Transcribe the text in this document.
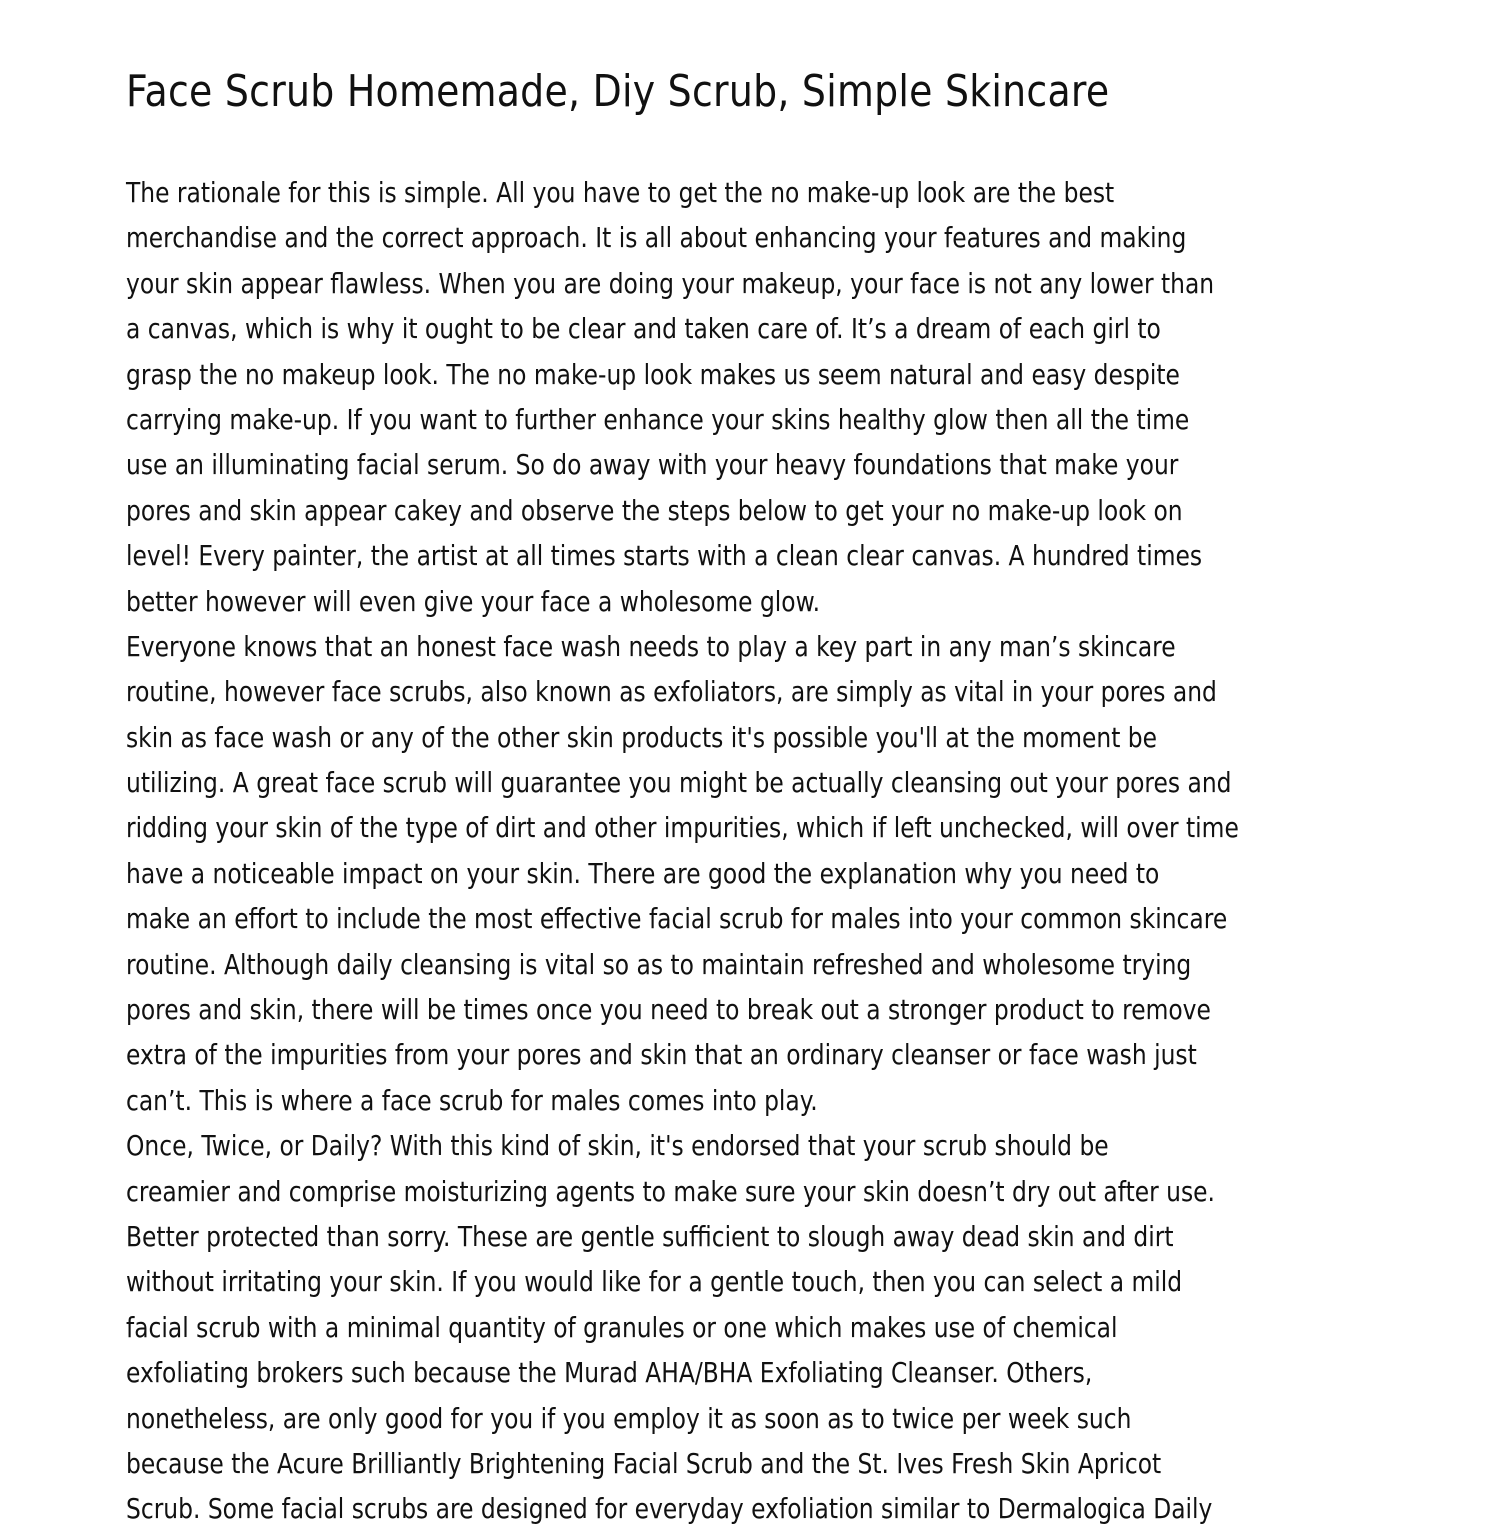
Face Scrub Homemade, Diy Scrub, Simple Skincare
The rationale for this is simple. All you have to get the no make-up look are the best
merchandise and the correct approach. It is all about enhancing your features and making
your skin appear flawless. When you are doing your makeup, your face is not any lower than
a canvas, which is why it ought to be clear and taken care of. It’s a dream of each girl to
grasp the no makeup look. The no make-up look makes us seem natural and easy despite
carrying make-up. If you want to further enhance your skins healthy glow then all the time
use an illuminating facial serum. So do away with your heavy foundations that make your
pores and skin appear cakey and observe the steps below to get your no make-up look on
level! Every painter, the artist at all times starts with a clean clear canvas. A hundred times
better however will even give your face a wholesome glow.
Everyone knows that an honest face wash needs to play a key part in any man’s skincare
routine, however face scrubs, also known as exfoliators, are simply as vital in your pores and
skin as face wash or any of the other skin products it's possible you'll at the moment be
utilizing. A great face scrub will guarantee you might be actually cleansing out your pores and
ridding your skin of the type of dirt and other impurities, which if left unchecked, will over time
have a noticeable impact on your skin. There are good the explanation why you need to
make an effort to include the most effective facial scrub for males into your common skincare
routine. Although daily cleansing is vital so as to maintain refreshed and wholesome trying
pores and skin, there will be times once you need to break out a stronger product to remove
extra of the impurities from your pores and skin that an ordinary cleanser or face wash just
can’t. This is where a face scrub for males comes into play.
Once, Twice, or Daily? With this kind of skin, it's endorsed that your scrub should be
creamier and comprise moisturizing agents to make sure your skin doesn’t dry out after use.
Better protected than sorry. These are gentle sufficient to slough away dead skin and dirt
without irritating your skin. If you would like for a gentle touch, then you can select a mild
facial scrub with a minimal quantity of granules or one which makes use of chemical
exfoliating brokers such because the Murad AHA/BHA Exfoliating Cleanser. Others,
nonetheless, are only good for you if you employ it as soon as to twice per week such
because the Acure Brilliantly Brightening Facial Scrub and the St. Ives Fresh Skin Apricot
Scrub. Some facial scrubs are designed for everyday exfoliation similar to Dermalogica Daily
